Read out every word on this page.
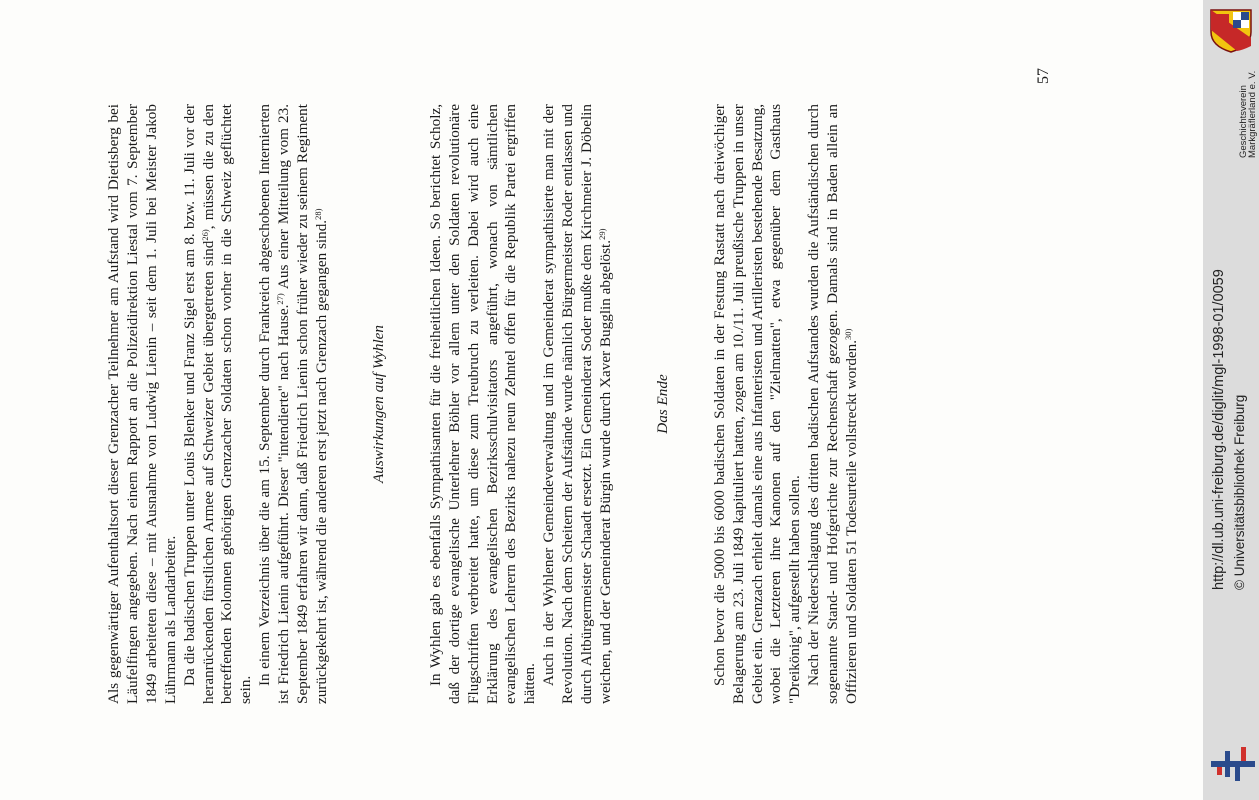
Als gegenwärtiger Aufenthaltsort dieser Grenzacher Teilnehmer am Aufstand wird Dietisberg bei Läufelfingen angegeben. Nach einem Rapport an die Polizeidirektion Liestal vom 7. September 1849 arbeiteten diese – mit Ausnahme von Ludwig Lienin – seit dem 1. Juli bei Meister Jakob Lührmann als Landarbeiter. Da die badischen Truppen unter Louis Blenker und Franz Sigel erst am 8. bzw. 11. Juli vor der heranrückenden fürstlichen Armee auf Schweizer Gebiet übergetreten sind$^{26)}$, müssen die zu den betreffenden Kolonnen gehörigen Grenzacher Soldaten schon vorher in die Schweiz geflüchtet sein.

In einem Verzeichnis über die am 15. September durch Frankreich abgeschobenen Internierten ist Friedrich Lienin aufgeführt. Dieser "intendierte" nach Hause.$^{27)}$ Aus einer Mitteilung vom 23. September 1849 erfahren wir dann, daß Friedrich Lienin schon früher wieder zu seinem Regiment zurückgekehrt ist, während die anderen erst jetzt nach Grenzach gegangen sind.$^{28)}$

Auswirkungen auf Wyhlen	In Wyhlen gab es ebenfalls Sympathisanten für die freiheitlichen Ideen. So berichtet Scholz, daß der dortige evangelische Unterlehrer Böhler vor allem unter den Soldaten revolutionäre Flugschriften verbreitet hatte, um diese zum Treubruch zu verleiten. Dabei wird auch eine Erklärung des evangelischen Bezirksschulvisitators angeführt, wonach von sämtlichen evangelischen Lehrern des Bezirks nahezu neun Zehntel offen für die Republik Partei ergriffen hätten. Auch in der Wyhlener Gemeindeverwaltung und im Gemeinderat sympathisierte man mit der Revolution. Nach dem Scheitern der Aufstände wurde nämlich Bürgermeister Roder entlassen und durch Altbürgermeister Schaadt ersetzt. Ein Gemeinderat Soder mußte dem Kirchmeier J. Döbelin weichen, und der Gemeinderat Bürgin wurde durch Xaver Bugglin abgelöst.$^{29)}$

Das Ende	Schon bevor die 5000 bis 6000 badischen Soldaten in der Festung Rastatt nach dreiwöchiger Belagerung am 23. Juli 1849 kapituliert hatten, zogen am 10./11. Juli preußische Truppen in unser Gebiet ein. Grenzach erhielt damals eine aus Infanteristen und Artilleristen bestehende Besatzung, wobei die Letzteren ihre Kanonen auf den "Zielmatten", etwa gegenüber dem Gasthaus "Dreikönig", aufgestellt haben sollen. Nach der Niederschlagung des dritten badischen Aufstandes wurden die Aufständischen durch sogenannte Stand- und Hofgerichte zur Rechenschaft gezogen. Damals sind in Baden allein an Offizieren und Soldaten 51 Todesurteile vollstreckt worden.$^{30)}$

57
http://dl.ub.uni-freiburg.de/diglit/mgl-1998-01/0059 © Universitätsbibliothek Freiburg
Geschichtsverein
Markgräflerland e. V.
